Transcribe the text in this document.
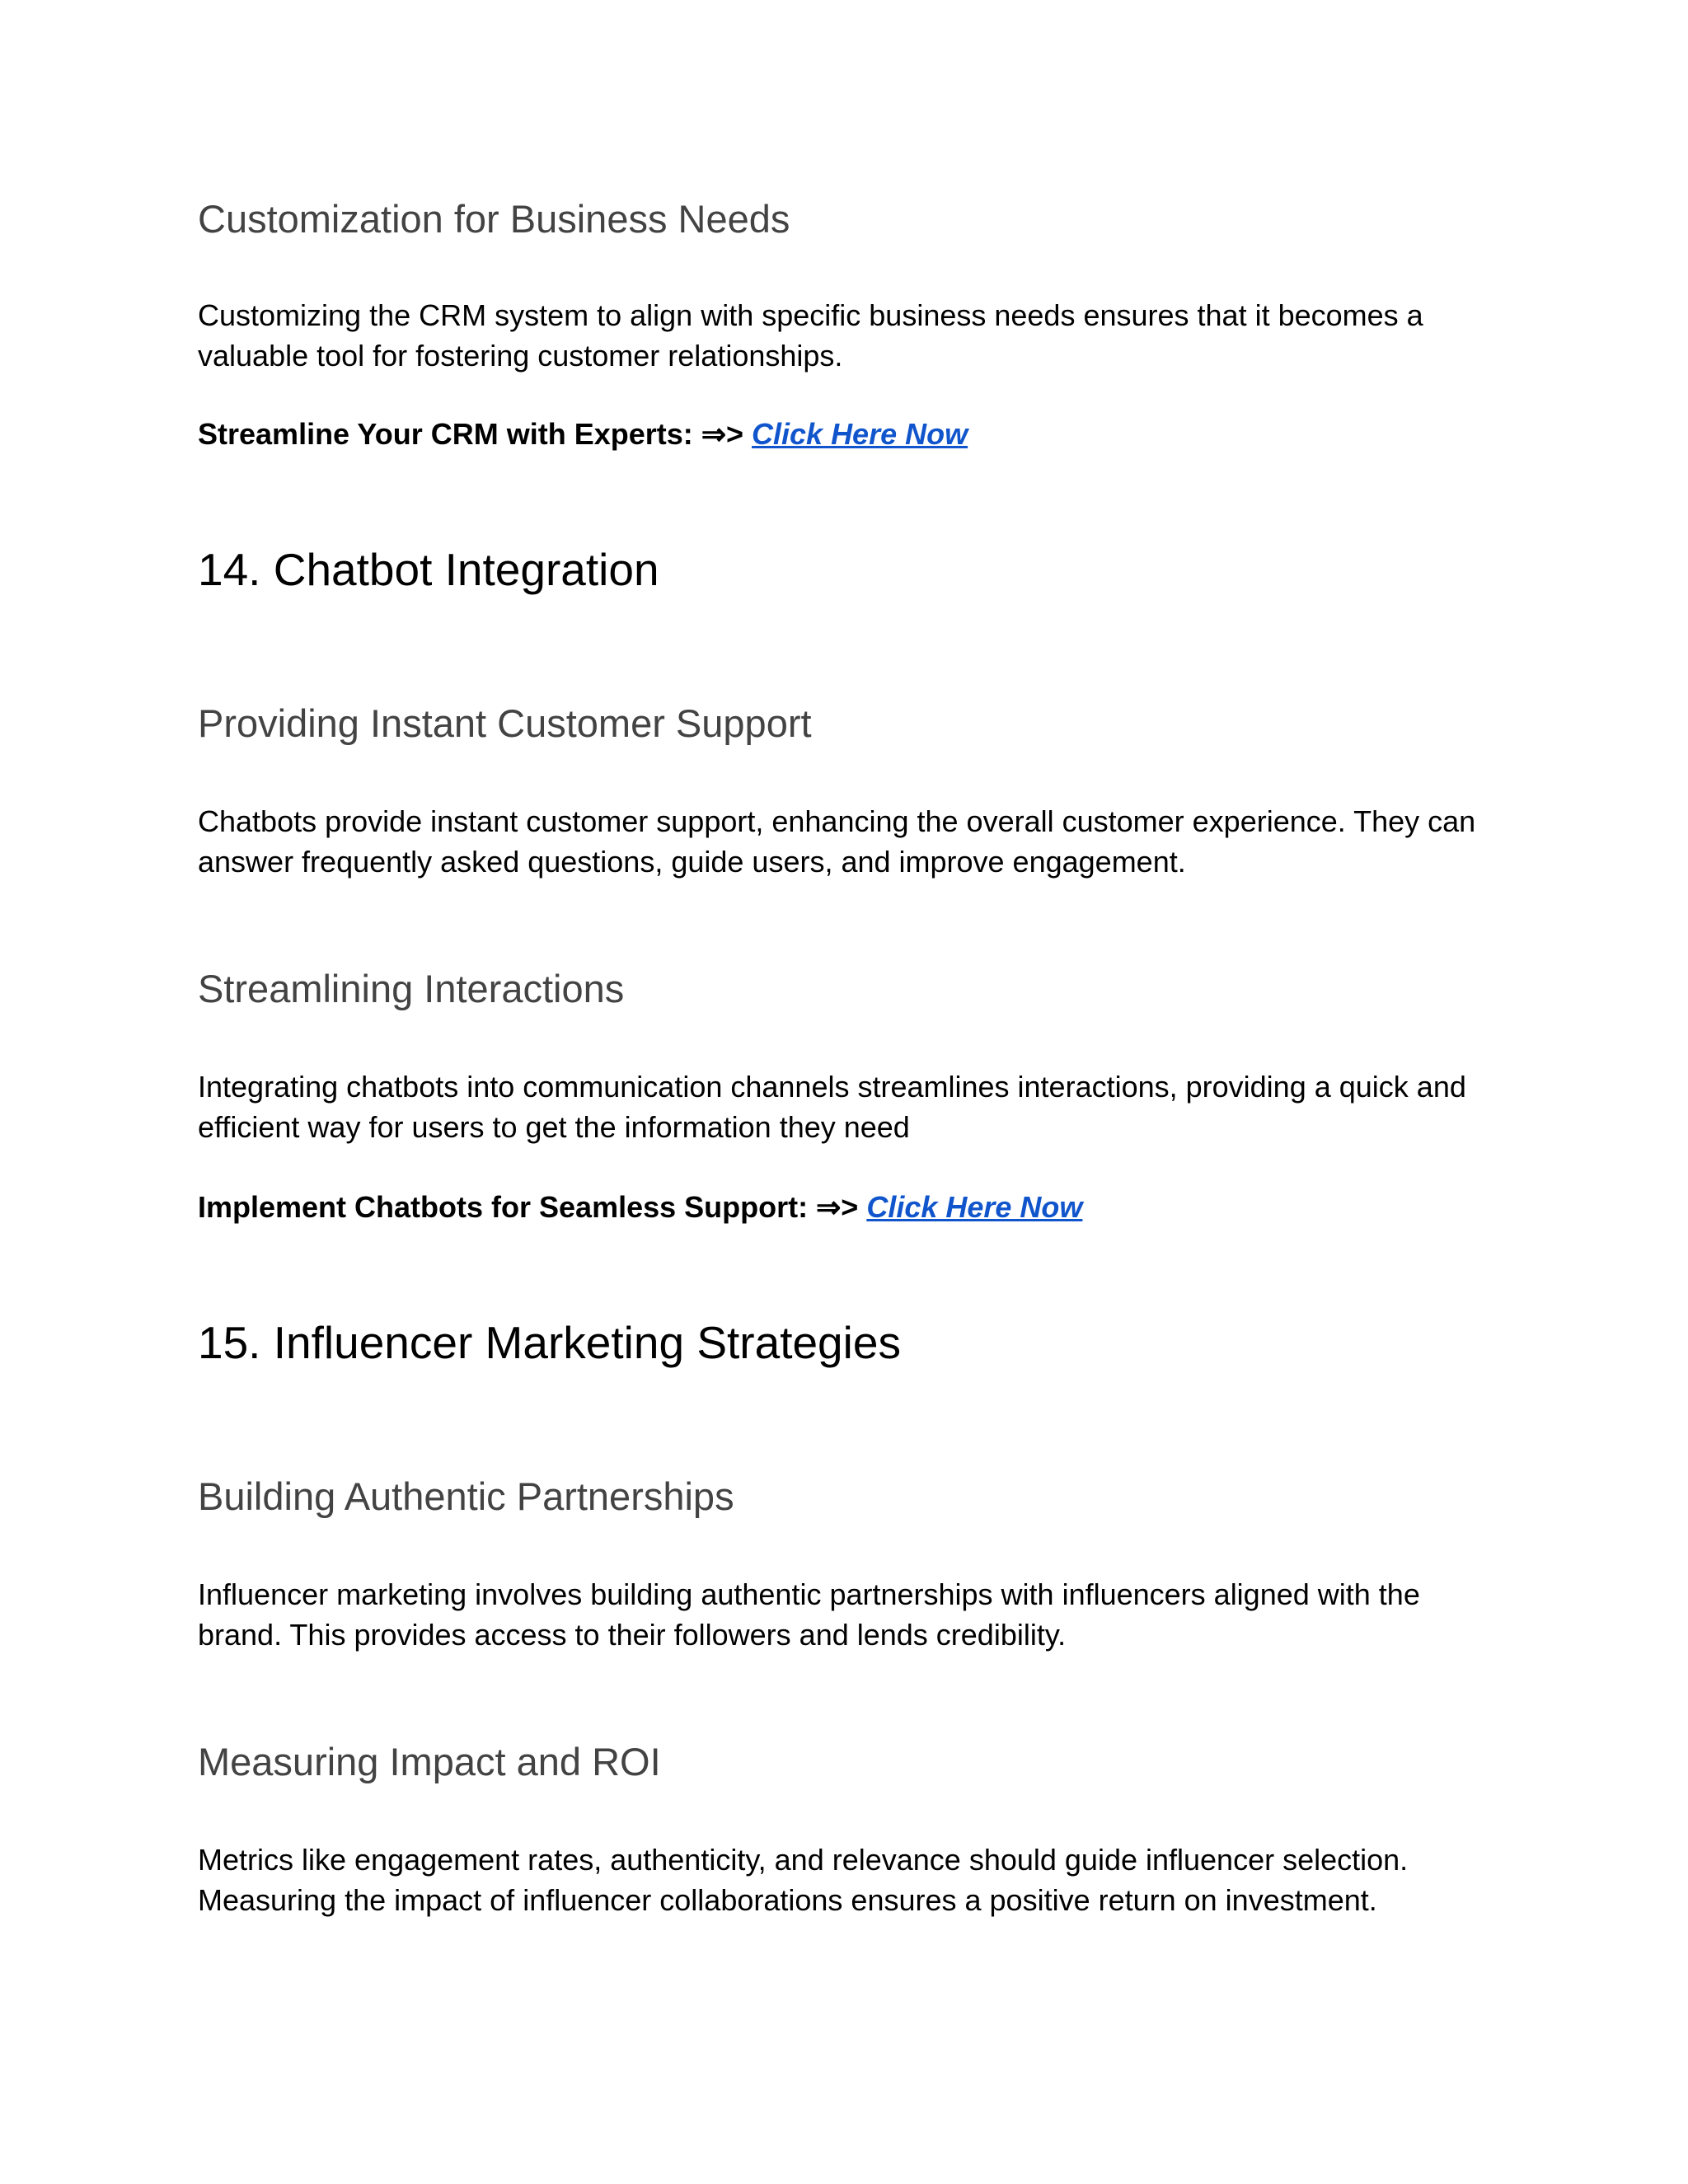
Customization for Business Needs

Customizing the CRM system to align with specific business needs ensures that it becomes a valuable tool for fostering customer relationships.

Streamline Your CRM with Experts: ⇒> Click Here Now

14. Chatbot Integration
Providing Instant Customer Support

Chatbots provide instant customer support, enhancing the overall customer experience. They can answer frequently asked questions, guide users, and improve engagement.

Streamlining Interactions

Integrating chatbots into communication channels streamlines interactions, providing a quick and efficient way for users to get the information they need

Implement Chatbots for Seamless Support: ⇒> Click Here Now

15. Influencer Marketing Strategies
Building Authentic Partnerships

Influencer marketing involves building authentic partnerships with influencers aligned with the brand. This provides access to their followers and lends credibility.

Measuring Impact and ROI

Metrics like engagement rates, authenticity, and relevance should guide influencer selection. Measuring the impact of influencer collaborations ensures a positive return on investment.
